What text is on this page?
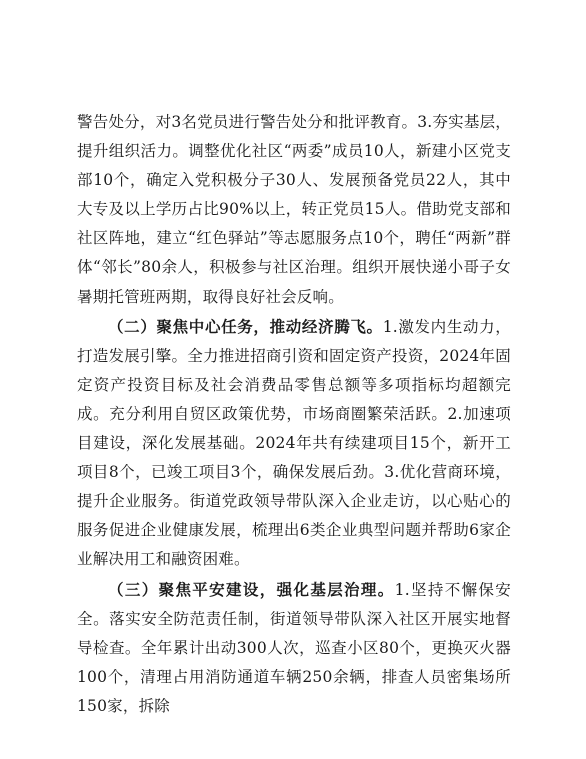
警告处分，对3名党员进行警告处分和批评教育。3.夯实基层，提升组织活力。调整优化社区“两委”成员10人，新建小区党支部10个，确定入党积极分子30人、发展预备党员22人，其中大专及以上学历占比90%以上，转正党员15人。借助党支部和社区阵地，建立“红色驿站”等志愿服务点10个，聘任“两新”群体“邻长”80余人，积极参与社区治理。组织开展快递小哥子女暑期托管班两期，取得良好社会反响。

（二）聚焦中心任务，推动经济腾飞。1.激发内生动力，打造发展引擎。全力推进招商引资和固定资产投资，2024年固定资产投资目标及社会消费品零售总额等多项指标均超额完成。充分利用自贸区政策优势，市场商圈繁荣活跃。2.加速项目建设，深化发展基础。2024年共有续建项目15个，新开工项目8个，已竣工项目3个，确保发展后劲。3.优化营商环境，提升企业服务。街道党政领导带队深入企业走访，以心贴心的服务促进企业健康发展，梳理出6类企业典型问题并帮助6家企业解决用工和融资困难。

（三）聚焦平安建设，强化基层治理。1.坚持不懈保安全。落实安全防范责任制，街道领导带队深入社区开展实地督导检查。全年累计出动300人次，巡查小区80个，更换灭火器100个，清理占用消防通道车辆250余辆，排查人员密集场所150家，拆除
